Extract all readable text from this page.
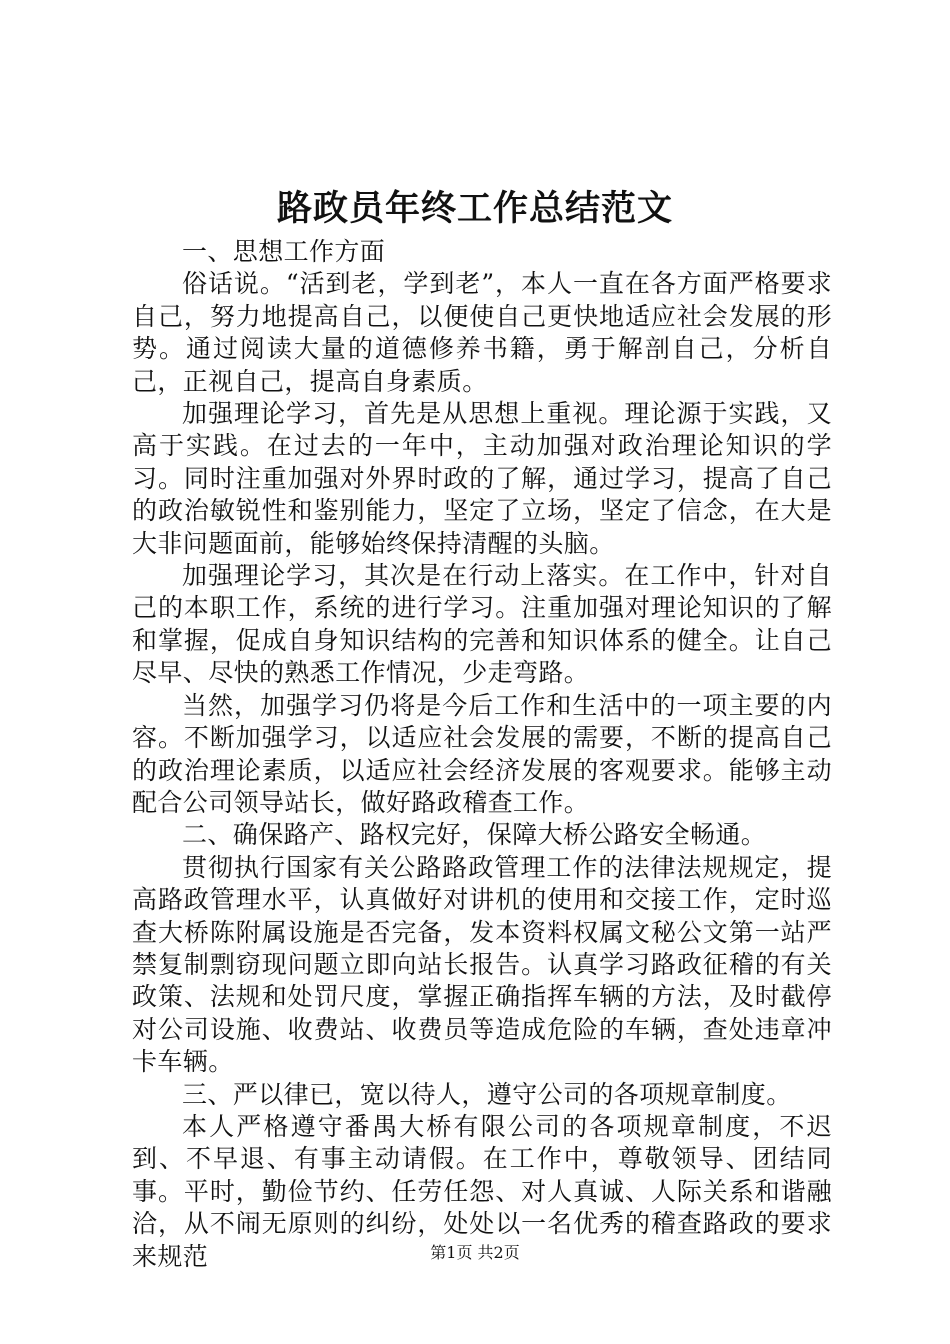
路政员年终工作总结范文

一、思想工作方面

俗话说。“活到老，学到老”，本人一直在各方面严格要求自己，努力地提高自己，以便使自己更快地适应社会发展的形势。通过阅读大量的道德修养书籍，勇于解剖自己，分析自己，正视自己，提高自身素质。

加强理论学习，首先是从思想上重视。理论源于实践，又高于实践。在过去的一年中，主动加强对政治理论知识的学习。同时注重加强对外界时政的了解，通过学习，提高了自己的政治敏锐性和鉴别能力，坚定了立场，坚定了信念，在大是大非问题面前，能够始终保持清醒的头脑。

加强理论学习，其次是在行动上落实。在工作中，针对自己的本职工作，系统的进行学习。注重加强对理论知识的了解和掌握，促成自身知识结构的完善和知识体系的健全。让自己尽早、尽快的熟悉工作情况，少走弯路。

当然，加强学习仍将是今后工作和生活中的一项主要的内容。不断加强学习，以适应社会发展的需要，不断的提高自己的政治理论素质，以适应社会经济发展的客观要求。能够主动配合公司领导站长，做好路政稽查工作。

二、确保路产、路权完好，保障大桥公路安全畅通。

贯彻执行国家有关公路路政管理工作的法律法规规定，提高路政管理水平，认真做好对讲机的使用和交接工作，定时巡查大桥陈附属设施是否完备，发本资料权属文秘公文第一站严禁复制剽窃现问题立即向站长报告。认真学习路政征稽的有关政策、法规和处罚尺度，掌握正确指挥车辆的方法，及时截停对公司设施、收费站、收费员等造成危险的车辆，查处违章冲卡车辆。

三、严以律已，宽以待人，遵守公司的各项规章制度。

本人严格遵守番禺大桥有限公司的各项规章制度，不迟到、不早退、有事主动请假。在工作中，尊敬领导、团结同事。平时，勤俭节约、任劳任怨、对人真诚、人际关系和谐融洽，从不闹无原则的纠纷，处处以一名优秀的稽查路政的要求来规范	第1页 共2页
